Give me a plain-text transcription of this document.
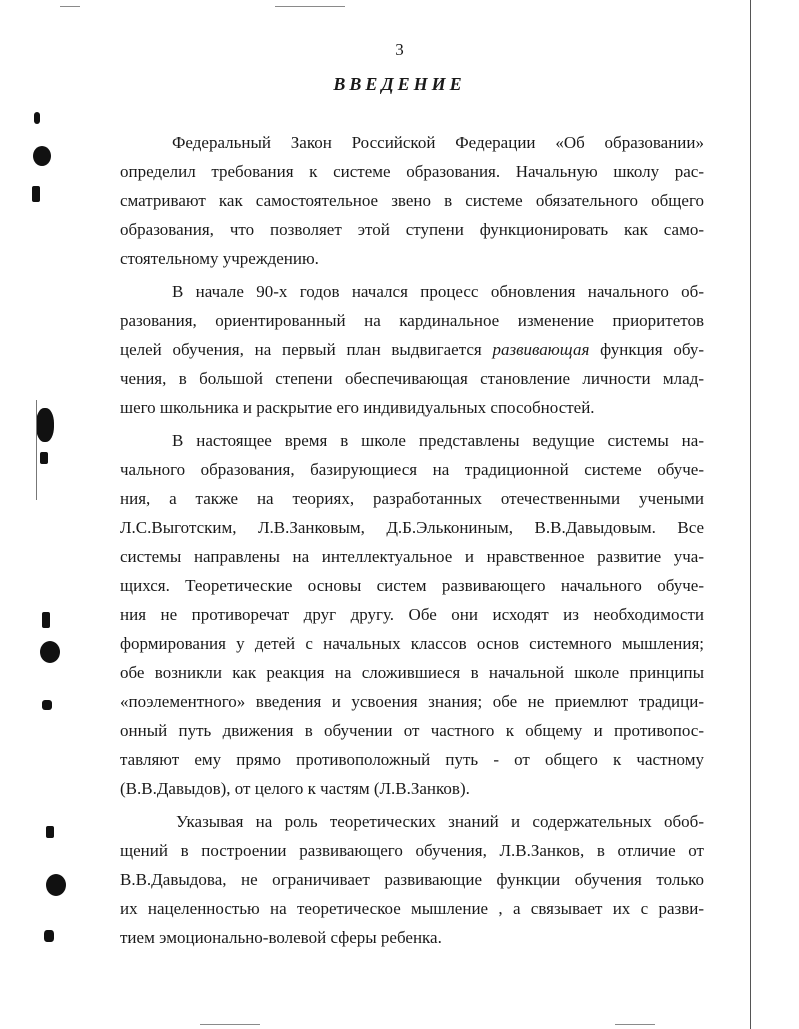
3
ВВЕДЕНИЕ
Федеральный Закон Российской Федерации «Об образовании»
определил требования к системе образования. Начальную школу рас-
сматривают как самостоятельное звено в системе обязательного общего
образования, что позволяет этой ступени функционировать как само-
стоятельному учреждению.
В начале 90-х годов начался процесс обновления начального об-
разования, ориентированный на кардинальное изменение приоритетов
целей обучения, на первый план выдвигается развивающая функция обу-
чения, в большой степени обеспечивающая становление личности млад-
шего школьника и раскрытие его индивидуальных способностей.
В настоящее время в школе представлены ведущие системы на-
чального образования, базирующиеся на традиционной системе обуче-
ния, а также на теориях, разработанных отечественными учеными
Л.С.Выготским, Л.В.Занковым, Д.Б.Элькониным, В.В.Давыдовым. Все
системы направлены на интеллектуальное и нравственное развитие уча-
щихся. Теоретические основы систем развивающего начального обуче-
ния не противоречат друг другу. Обе они исходят из необходимости
формирования у детей с начальных классов основ системного мышления;
обе возникли как реакция на сложившиеся в начальной школе принципы
«поэлементного» введения и усвоения знания; обе не приемлют традици-
онный путь движения в обучении от частного к общему и противопос-
тавляют ему прямо противоположный путь - от общего к частному
(В.В.Давыдов), от целого к частям (Л.В.Занков).
Указывая на роль теоретических знаний и содержательных обоб-
щений в построении развивающего обучения, Л.В.Занков, в отличие от
В.В.Давыдова, не ограничивает развивающие функции обучения только
их нацеленностью на теоретическое мышление , а связывает их с разви-
тием эмоционально-волевой сферы ребенка.
